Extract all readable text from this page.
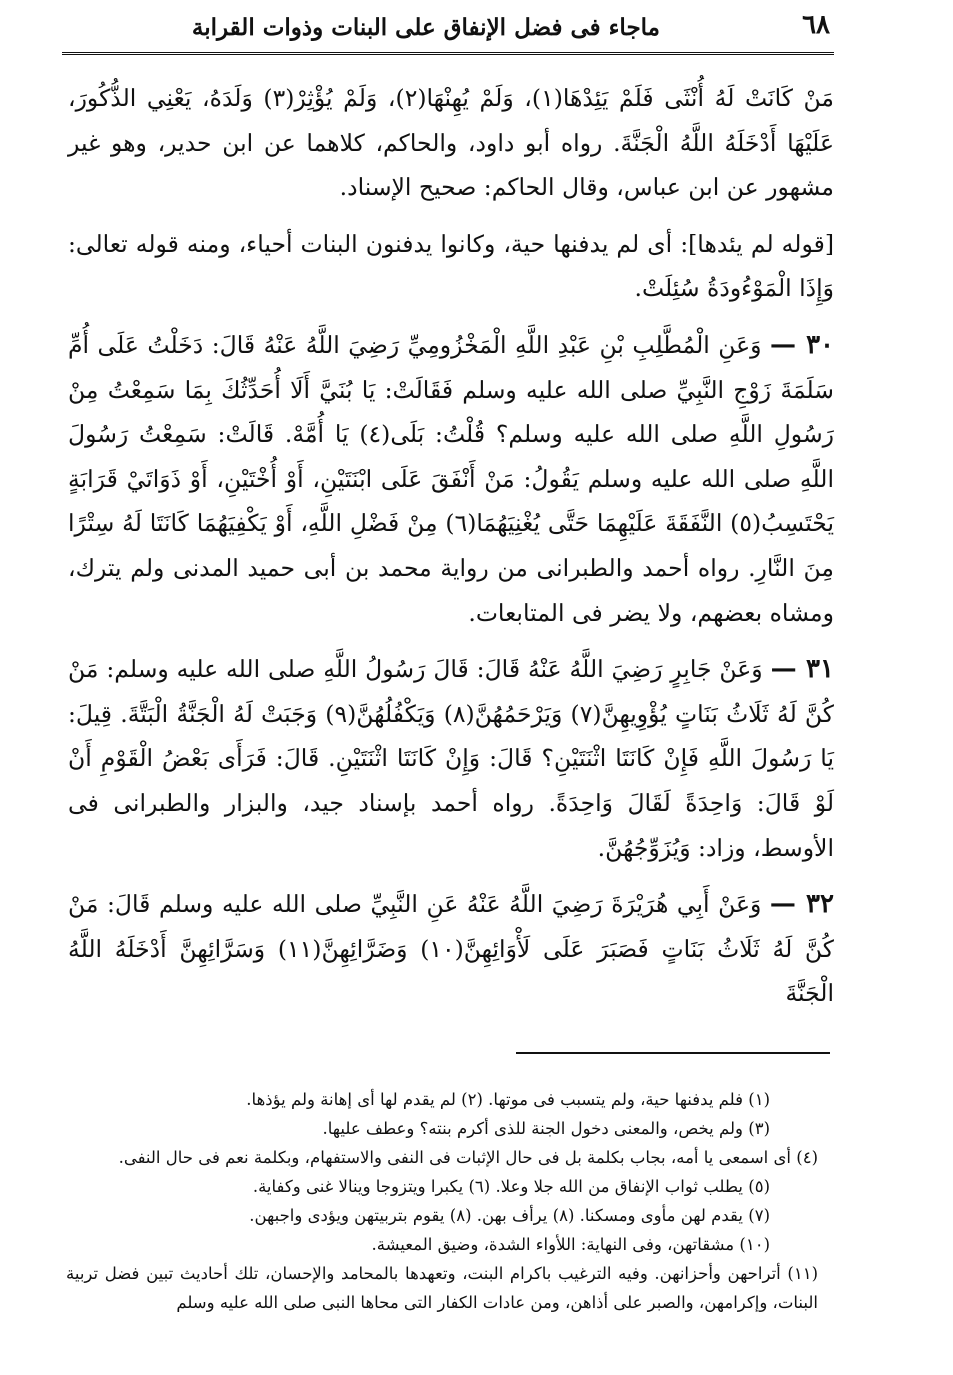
٦٨
ماجاء فى فضل الإنفاق على البنات وذوات القرابة

مَنْ كَانَتْ لَهُ أُنْثَى فَلَمْ يَئِدْهَا(١)، وَلَمْ يُهِنْهَا(٢)، وَلَمْ يُؤْثِرْ(٣) وَلَدَهُ، يَعْنِي الذُّكُورَ، عَلَيْهَا أَدْخَلَهُ اللَّهُ الْجَنَّةَ. رواه أبو داود، والحاكم، كلاهما عن ابن حدير، وهو غير مشهور عن ابن عباس، وقال الحاكم: صحيح الإسناد.

[قوله لم يئدها]: أى لم يدفنها حية، وكانوا يدفنون البنات أحياء، ومنه قوله تعالى: وَإِذَا الْمَوْءُودَةُ سُئِلَتْ.

٣٠ — وَعَنِ الْمُطَّلِبِ بْنِ عَبْدِ اللَّهِ الْمَخْزُومِيِّ رَضِيَ اللَّهُ عَنْهُ قَالَ: دَخَلْتُ عَلَى أُمِّ سَلَمَةَ زَوْجِ النَّبِيِّ صلى الله عليه وسلم فَقَالَتْ: يَا بُنَيَّ أَلَا أُحَدِّثُكَ بِمَا سَمِعْتُ مِنْ رَسُولِ اللَّهِ صلى الله عليه وسلم؟ قُلْتُ: بَلَى(٤) يَا أُمَّهْ. قَالَتْ: سَمِعْتُ رَسُولَ اللَّهِ صلى الله عليه وسلم يَقُولُ: مَنْ أَنْفَقَ عَلَى ابْنَتَيْنِ، أَوْ أُخْتَيْنِ، أَوْ ذَوَاتَيْ قَرَابَةٍ يَحْتَسِبُ(٥) النَّفَقَةَ عَلَيْهِمَا حَتَّى يُغْنِيَهُمَا(٦) مِنْ فَضْلِ اللَّهِ، أَوْ يَكْفِيَهُمَا كَانَتَا لَهُ سِتْرًا مِنَ النَّارِ. رواه أحمد والطبرانى من رواية محمد بن أبى حميد المدنى ولم يترك، ومشاه بعضهم، ولا يضر فى المتابعات.

٣١ — وَعَنْ جَابِرٍ رَضِيَ اللَّهُ عَنْهُ قَالَ: قَالَ رَسُولُ اللَّهِ صلى الله عليه وسلم: مَنْ كُنَّ لَهُ ثَلَاثُ بَنَاتٍ يُؤْوِيهِنَّ(٧) وَيَرْحَمُهُنَّ(٨) وَيَكْفُلُهُنَّ(٩) وَجَبَتْ لَهُ الْجَنَّةُ الْبَتَّةَ. قِيلَ: يَا رَسُولَ اللَّهِ فَإِنْ كَانَتَا اثْنَتَيْنِ؟ قَالَ: وَإِنْ كَانَتَا اثْنَتَيْنِ. قَالَ: فَرَأَى بَعْضُ الْقَوْمِ أَنْ لَوْ قَالَ: وَاحِدَةً لَقَالَ وَاحِدَةً. رواه أحمد بإسناد جيد، والبزار والطبرانى فى الأوسط، وزاد: وَيُزَوِّجُهُنَّ.

٣٢ — وَعَنْ أَبِي هُرَيْرَةَ رَضِيَ اللَّهُ عَنْهُ عَنِ النَّبِيِّ صلى الله عليه وسلم قَالَ: مَنْ كُنَّ لَهُ ثَلَاثُ بَنَاتٍ فَصَبَرَ عَلَى لَأْوَائِهِنَّ(١٠) وَضَرَّائِهِنَّ(١١) وَسَرَّائِهِنَّ أَدْخَلَهُ اللَّهُ الْجَنَّةَ

(١) فلم يدفنها حية، ولم يتسبب فى موتها. (٢) لم يقدم لها أى إهانة ولم يؤذها.

(٣) ولم يخص، والمعنى دخول الجنة للذى أكرم بنته؟ وعطف عليها.

(٤) أى اسمعى يا أمه، بجاب بكلمة بل فى حال الإثبات فى النفى والاستفهام، وبكلمة نعم فى حال النفى.

(٥) يطلب ثواب الإنفاق من الله جلا وعلا. (٦) يكبرا ويتزوجا وينالا غنى وكفاية.

(٧) يقدم لهن مأوى ومسكنا. (٨) يرأف بهن. (٨) يقوم بتربيتهن ويؤدى واجبهن.

(١٠) مشقاتهن، وفى النهاية: اللأواء الشدة، وضيق المعيشة.

(١١) أتراحهن وأحزانهن. وفيه الترغيب باكرام البنت، وتعهدها بالمحامد والإحسان، تلك أحاديث تبين فضل تربية البنات، وإكرامهن، والصبر على أذاهن، ومن عادات الكفار التى محاها النبى صلى الله عليه وسلم
